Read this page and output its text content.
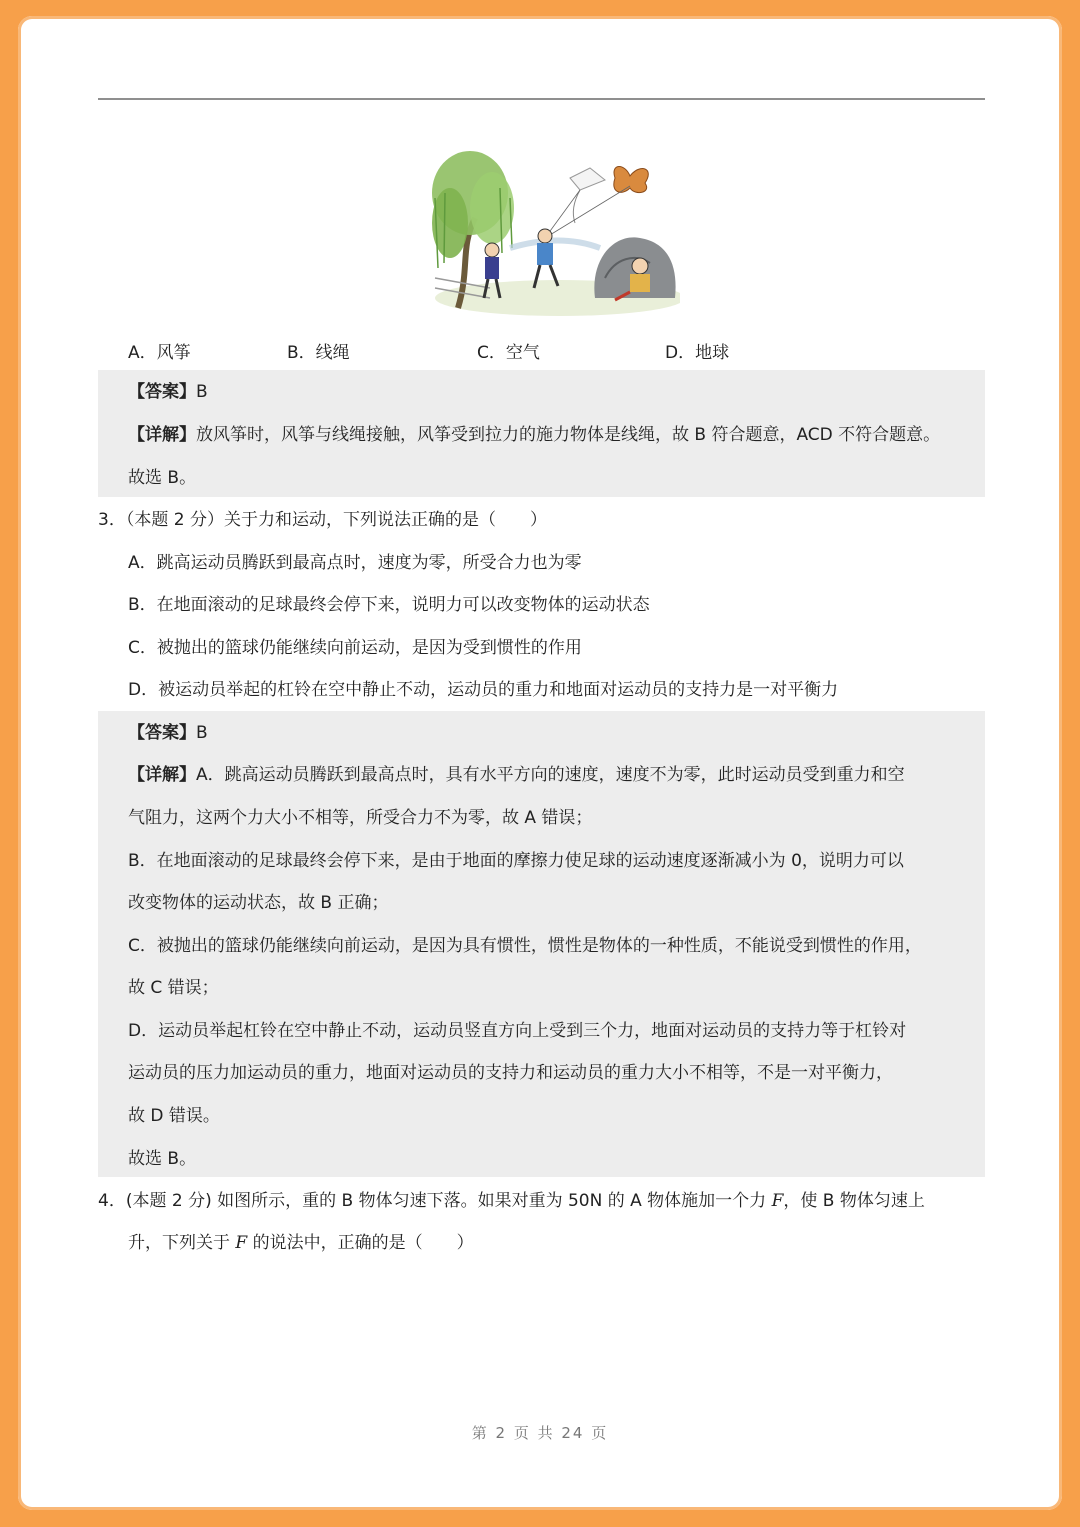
A．风筝	B．线绳	C．空气	D．地球
【答案】B
【详解】放风筝时，风筝与线绳接触，风筝受到拉力的施力物体是线绳，故 B 符合题意，ACD 不符合题意。
故选 B。
3．（本题 2 分）关于力和运动，下列说法正确的是（　　）
A．跳高运动员腾跃到最高点时，速度为零，所受合力也为零
B．在地面滚动的足球最终会停下来，说明力可以改变物体的运动状态
C．被抛出的篮球仍能继续向前运动，是因为受到惯性的作用
D．被运动员举起的杠铃在空中静止不动，运动员的重力和地面对运动员的支持力是一对平衡力
【答案】B
【详解】A．跳高运动员腾跃到最高点时，具有水平方向的速度，速度不为零，此时运动员受到重力和空
气阻力，这两个力大小不相等，所受合力不为零，故 A 错误；
B．在地面滚动的足球最终会停下来，是由于地面的摩擦力使足球的运动速度逐渐减小为 0，说明力可以
改变物体的运动状态，故 B 正确；
C．被抛出的篮球仍能继续向前运动，是因为具有惯性，惯性是物体的一种性质，不能说受到惯性的作用，
故 C 错误；
D．运动员举起杠铃在空中静止不动，运动员竖直方向上受到三个力，地面对运动员的支持力等于杠铃对
运动员的压力加运动员的重力，地面对运动员的支持力和运动员的重力大小不相等，不是一对平衡力，
故 D 错误。
故选 B。
4．(本题 2 分) 如图所示，重的 B 物体匀速下落。如果对重为 50N 的 A 物体施加一个力 F，使 B 物体匀速上
升，下列关于 F 的说法中，正确的是（　　）
第 2 页 共 24 页
